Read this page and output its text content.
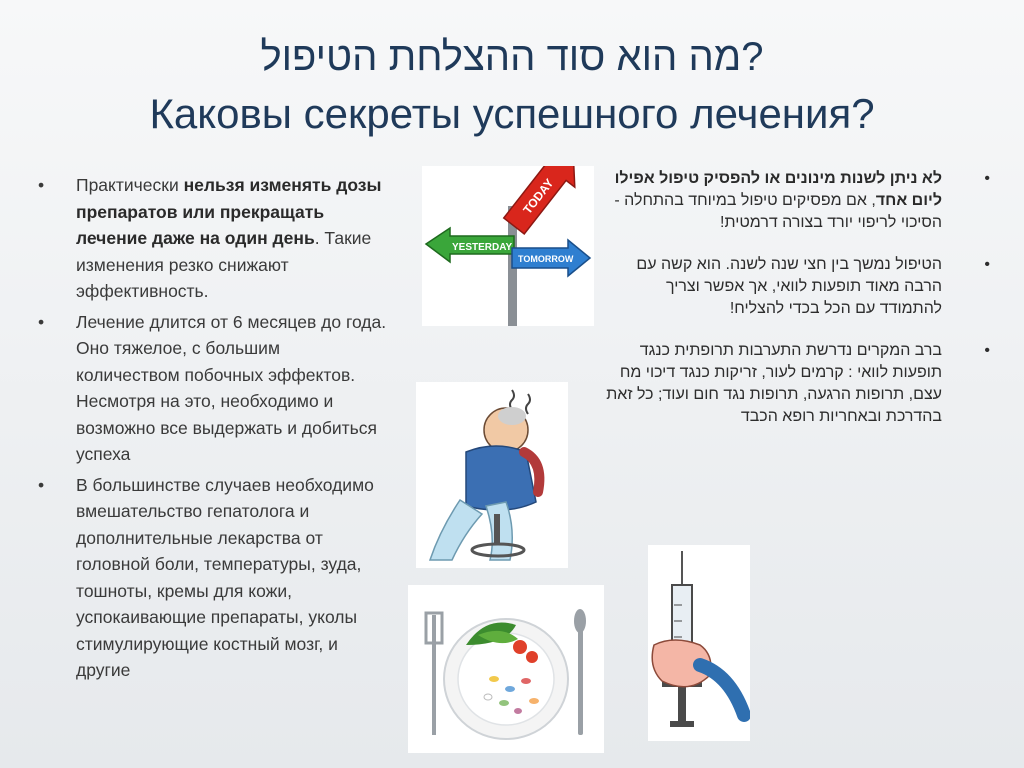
?מה הוא סוד ההצלחת הטיפול
Каковы секреты успешного лечения?
• Практически нельзя изменять дозы препаратов или прекращать лечение даже на один день. Такие изменения резко снижают эффективность.
• Лечение длится от 6 месяцев до года. Оно тяжелое, с большим количеством побочных эффектов. Несмотря на это, необходимо и возможно все выдержать и добиться успеха
• В большинстве случаев необходимо вмешательство гепатолога и дополнительные лекарства от головной боли, температуры, зуда, тошноты, кремы для кожи, успокаивающие препараты, уколы стимулирующие костный мозг, и другие
•
לא ניתן לשנות מינונים או להפסיק טיפול אפילו ליום אחד, אם מפסיקים טיפול במיוחד בהתחלה - הסיכוי לריפוי יורד בצורה דרמטית!
•
הטיפול נמשך בין חצי שנה לשנה. הוא קשה עם הרבה מאוד תופעות לוואי, אך אפשר וצריך להתמודד עם הכל בכדי להצליח!
•
ברב המקרים נדרשת התערבות תרופתית כנגד תופעות לוואי : קרמים לעור, זריקות כנגד דיכוי מח עצם, תרופות הרגעה, תרופות נגד חום ועוד; כל זאת בהדרכת ובאחריות רופא הכבד
TODAY
YESTERDAY
TOMORROW
